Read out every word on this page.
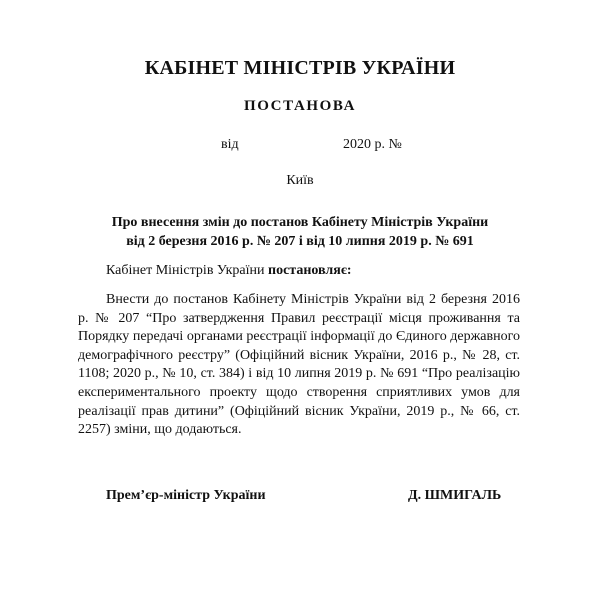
КАБІНЕТ МІНІСТРІВ УКРАЇНИ
ПОСТАНОВА
від	2020 р. №
Київ
Про внесення змін до постанов Кабінету Міністрів України
від 2 березня 2016 р. № 207 і від 10 липня 2019 р. № 691
Кабінет Міністрів України постановляє:

Внести до постанов Кабінету Міністрів України від 2 березня 2016 р. № 207 “Про затвердження Правил реєстрації місця проживання та Порядку передачі органами реєстрації інформації до Єдиного державного демографічного реєстру” (Офіційний вісник України, 2016 р., № 28, ст. 1108; 2020 р., № 10, ст. 384) і від 10 липня 2019 р. № 691 “Про реалізацію експериментального проекту щодо створення сприятливих умов для реалізації прав дитини” (Офіційний вісник України, 2019 р., № 66, ст. 2257) зміни, що додаються.

Прем’єр-міністр України	Д. ШМИГАЛЬ
